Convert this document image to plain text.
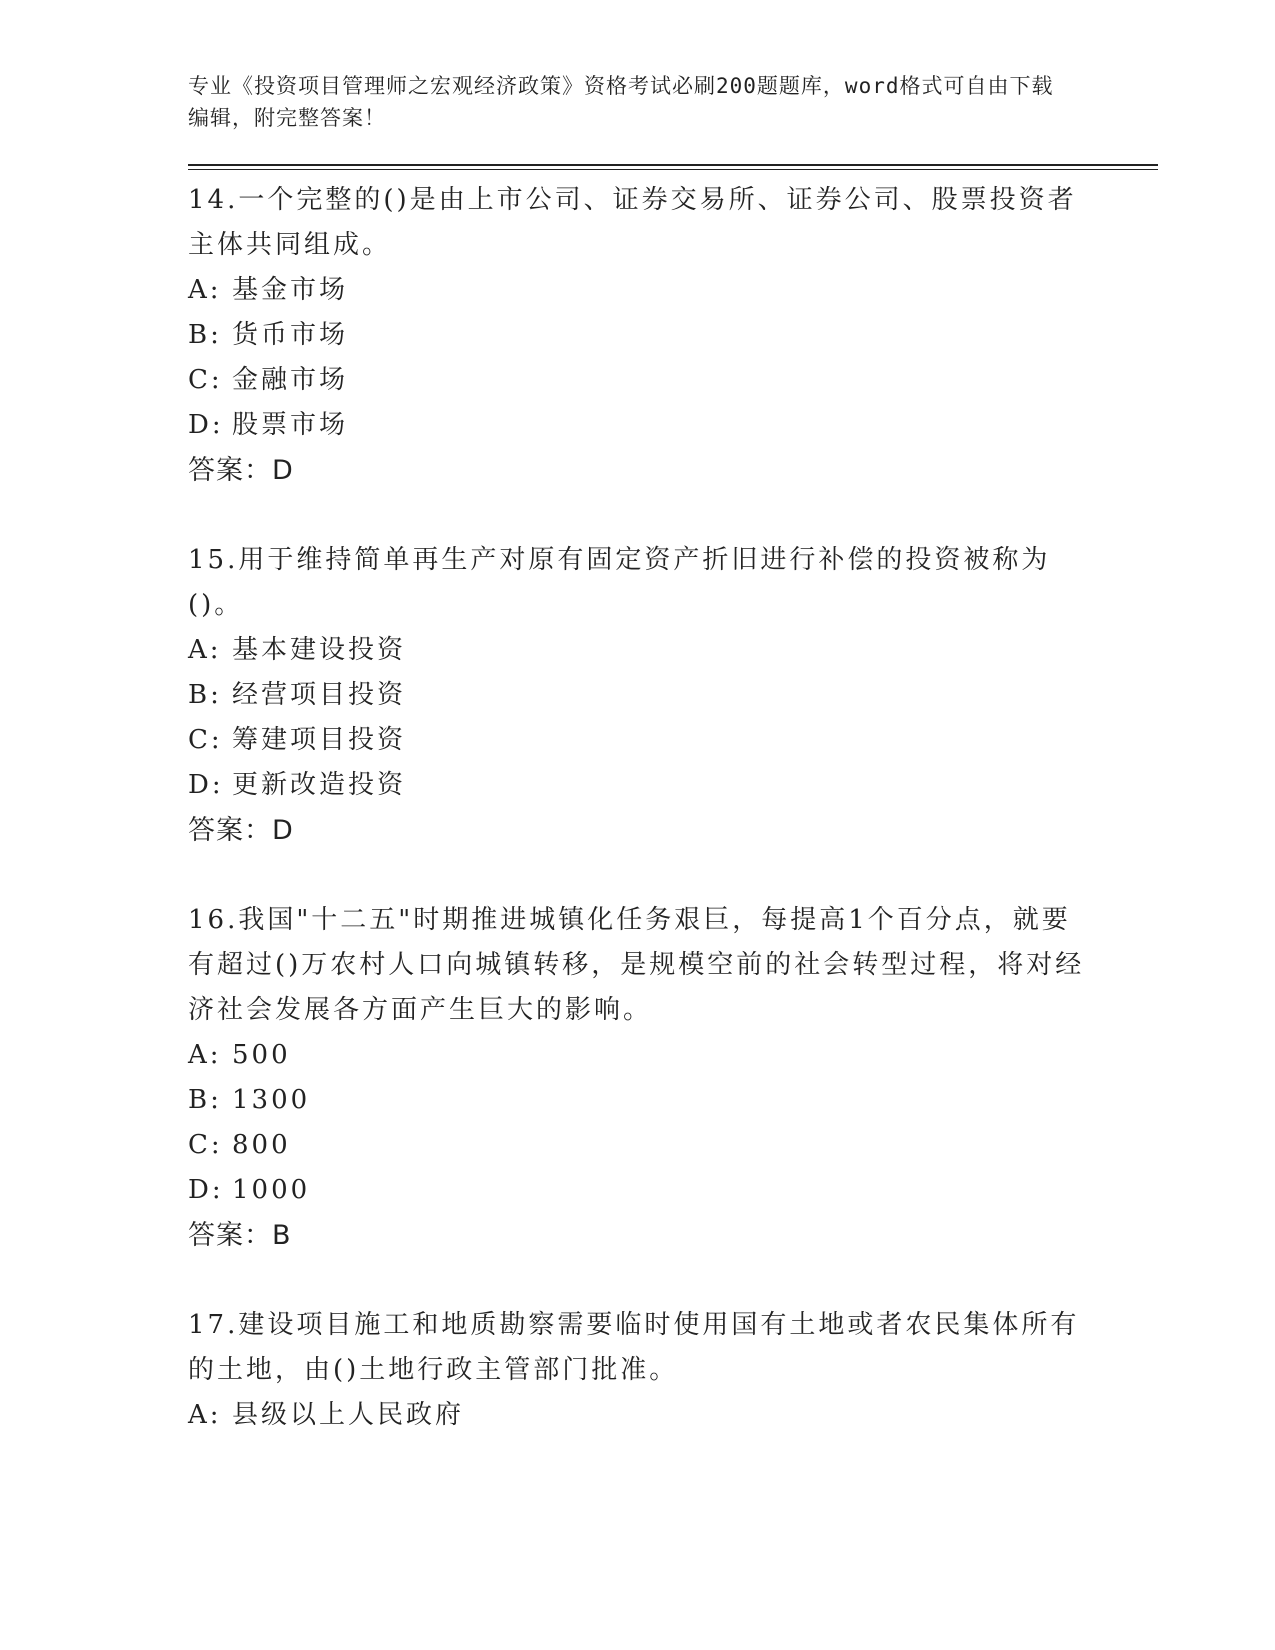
专业《投资项目管理师之宏观经济政策》资格考试必刷200题题库，word格式可自由下载编辑，附完整答案！

14.一个完整的()是由上市公司、证券交易所、证券公司、股票投资者主体共同组成。

A: 基金市场

B: 货币市场

C: 金融市场

D: 股票市场

答案：D

15.用于维持简单再生产对原有固定资产折旧进行补偿的投资被称为()。

A: 基本建设投资

B: 经营项目投资

C: 筹建项目投资

D: 更新改造投资

答案：D

16.我国"十二五"时期推进城镇化任务艰巨，每提高1个百分点，就要有超过()万农村人口向城镇转移，是规模空前的社会转型过程，将对经济社会发展各方面产生巨大的影响。

A: 500

B: 1300

C: 800

D: 1000

答案：B

17.建设项目施工和地质勘察需要临时使用国有土地或者农民集体所有的土地，由()土地行政主管部门批准。

A: 县级以上人民政府
